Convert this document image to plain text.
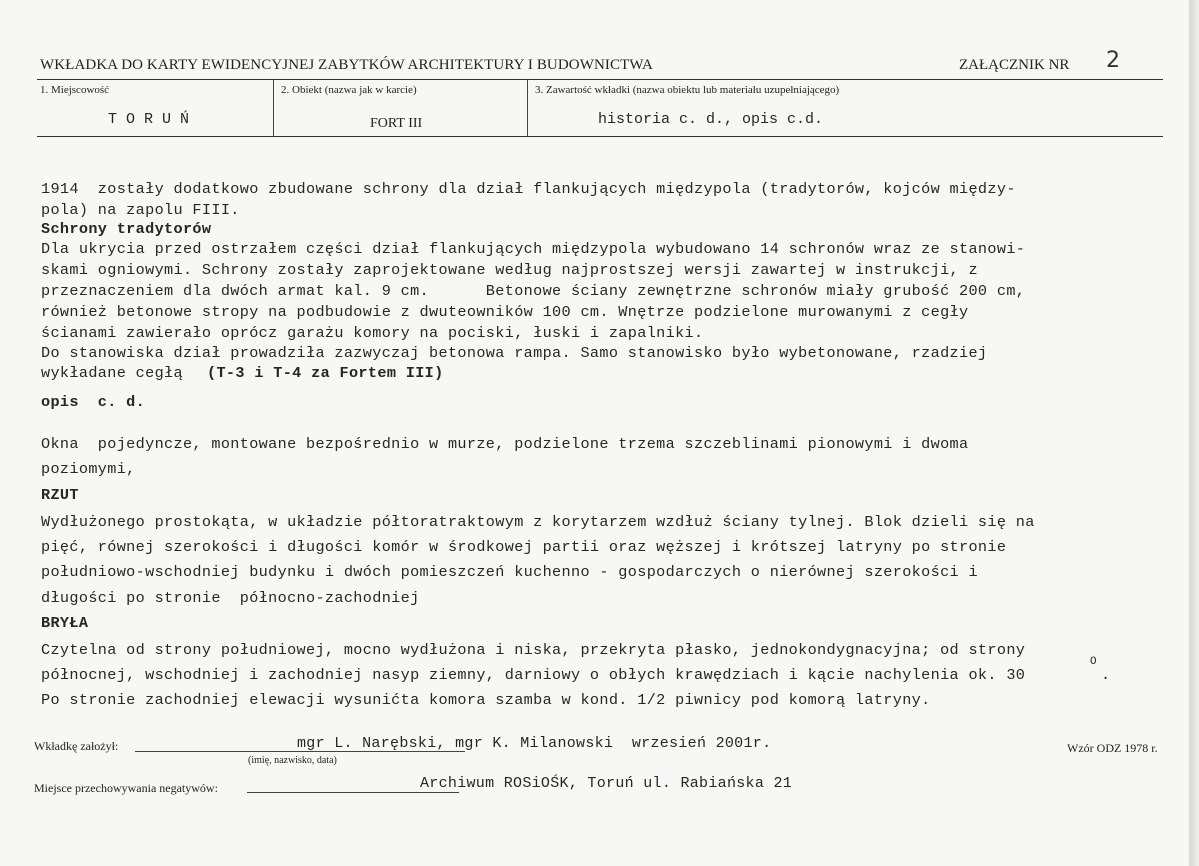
WKŁADKA DO KARTY EWIDENCYJNEJ ZABYTKÓW ARCHITEKTURY I BUDOWNICTWA	ZAŁĄCZNIK NR 2
1. Miejscowość
T O R U Ń
2. Obiekt (nazwa jak w karcie)
FORT III
3. Zawartość wkładki (nazwa obiektu lub materiału uzupełniającego)
historia c. d., opis c.d.
1914  zostały dodatkowo zbudowane schrony dla dział flankujących międzypola (tradytorów, kojców między-
pola) na zapolu FIII.
Schrony tradytorów
Dla ukrycia przed ostrzałem części dział flankujących międzypola wybudowano 14 schronów wraz ze stanowi-
skami ogniowymi. Schrony zostały zaprojektowane według najprostszej wersji zawartej w instrukcji, z
przeznaczeniem dla dwóch armat kal. 9 cm.      Betonowe ściany zewnętrzne schronów miały grubość 200 cm,
również betonowe stropy na podbudowie z dwuteowników 100 cm. Wnętrze podzielone murowanymi z cegły
ścianami zawierało oprócz garażu komory na pociski, łuski i zapalniki.
Do stanowiska dział prowadziła zazwyczaj betonowa rampa. Samo stanowisko było wybetonowane, rzadziej
wykładane cegłą (T-3 i T-4 za Fortem III)
opis  c. d.
Okna  pojedyncze, montowane bezpośrednio w murze, podzielone trzema szczeblinami pionowymi i dwoma
poziomymi,
RZUT
Wydłużonego prostokąta, w układzie półtoratraktowym z korytarzem wzdłuż ściany tylnej. Blok dzieli się na
pięć, równej szerokości i długości komór w środkowej partii oraz węższej i krótszej latryny po stronie
południowo-wschodniej budynku i dwóch pomieszczeń kuchenno - gospodarczych o nierównej szerokości i
długości po stronie  północno-zachodniej
BRYŁA
Czytelna od strony południowej, mocno wydłużona i niska, przekryta płasko, jednokondygnacyjna; od strony
północnej, wschodniej i zachodniej nasyp ziemny, darniowy o obłych krawędziach i kącie nachylenia ok. 30
O
.
Po stronie zachodniej elewacji wysunićta komora szamba w kond. 1/2 piwnicy pod komorą latryny.
Wkładkę założył:	mgr L. Narębski, mgr K. Milanowski  wrzesień 2001r.
(imię, nazwisko, data)
Wzór ODZ 1978 r.
Miejsce przechowywania negatywów:	Archiwum ROSiOŚK, Toruń ul. Rabiańska 21
